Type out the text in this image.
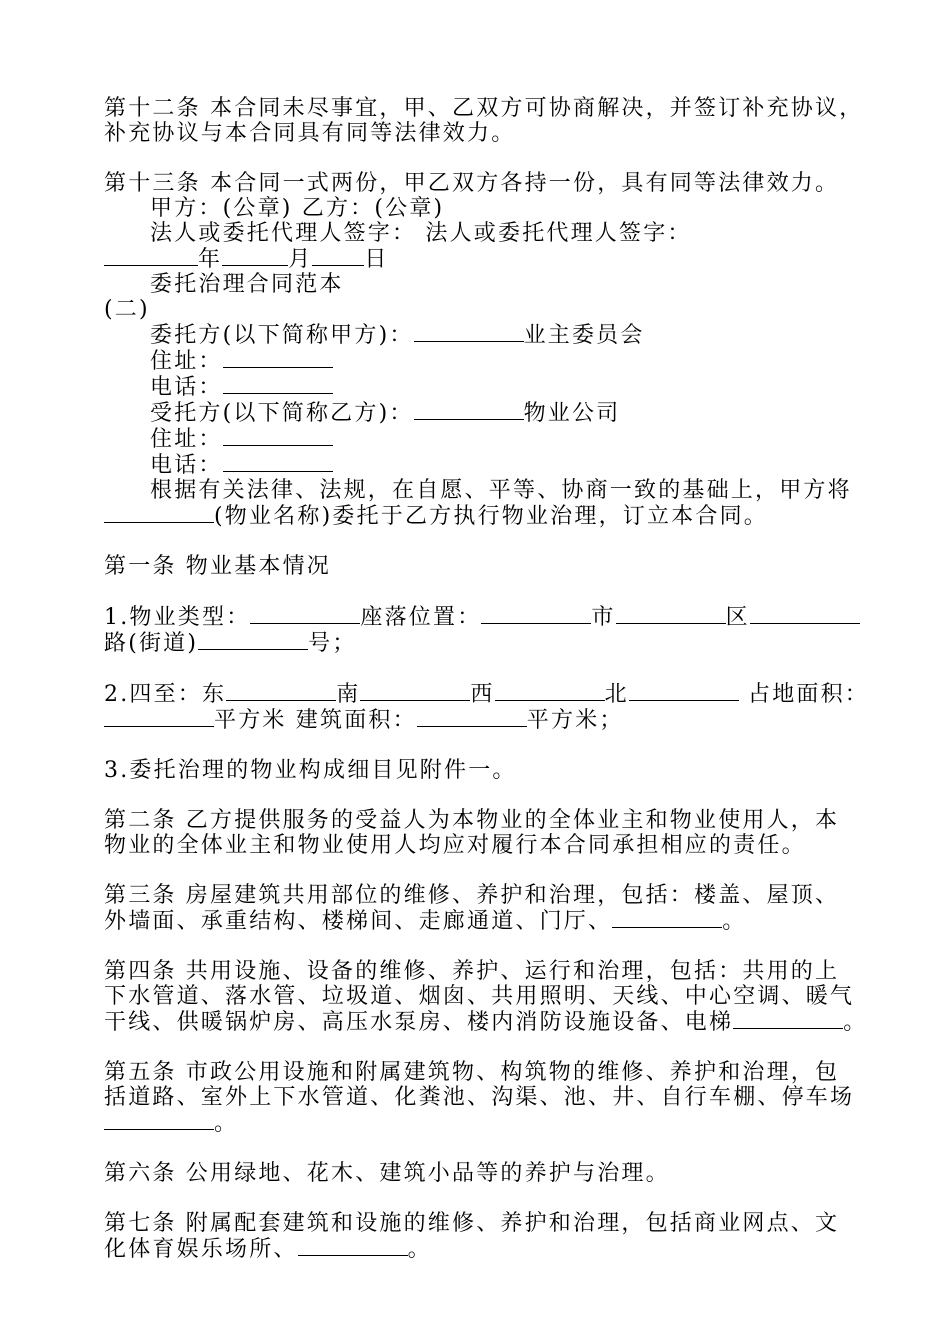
第十二条 本合同未尽事宜，甲、乙双方可协商解决，并签订补充协议，
补充协议与本合同具有同等法律效力。
第十三条 本合同一式两份，甲乙双方各持一份，具有同等法律效力。
甲方：(公章) 乙方：(公章)
法人或委托代理人签字： 法人或委托代理人签字：
年	月 日
委托治理合同范本
(二)
委托方(以下简称甲方)：	业主委员会
住址：
电话：
受托方(以下简称乙方)：	物业公司
住址：
电话：
根据有关法律、法规，在自愿、平等、协商一致的基础上，甲方将
(物业名称)委托于乙方执行物业治理，订立本合同。
第一条 物业基本情况
1.物业类型：	座落位置：	市	区
路(街道)	号；
2.四至：东	南	西	北	占地面积：
平方米 建筑面积：	平方米；
3.委托治理的物业构成细目见附件一。
第二条 乙方提供服务的受益人为本物业的全体业主和物业使用人，本
物业的全体业主和物业使用人均应对履行本合同承担相应的责任。
第三条 房屋建筑共用部位的维修、养护和治理，包括：楼盖、屋顶、
外墙面、承重结构、楼梯间、走廊通道、门厅、	。
第四条 共用设施、设备的维修、养护、运行和治理，包括：共用的上
下水管道、落水管、垃圾道、烟囱、共用照明、天线、中心空调、暖气
干线、供暖锅炉房、高压水泵房、楼内消防设施设备、电梯	。
第五条 市政公用设施和附属建筑物、构筑物的维修、养护和治理，包
括道路、室外上下水管道、化粪池、沟渠、池、井、自行车棚、停车场
。
第六条 公用绿地、花木、建筑小品等的养护与治理。
第七条 附属配套建筑和设施的维修、养护和治理，包括商业网点、文
化体育娱乐场所、	。
